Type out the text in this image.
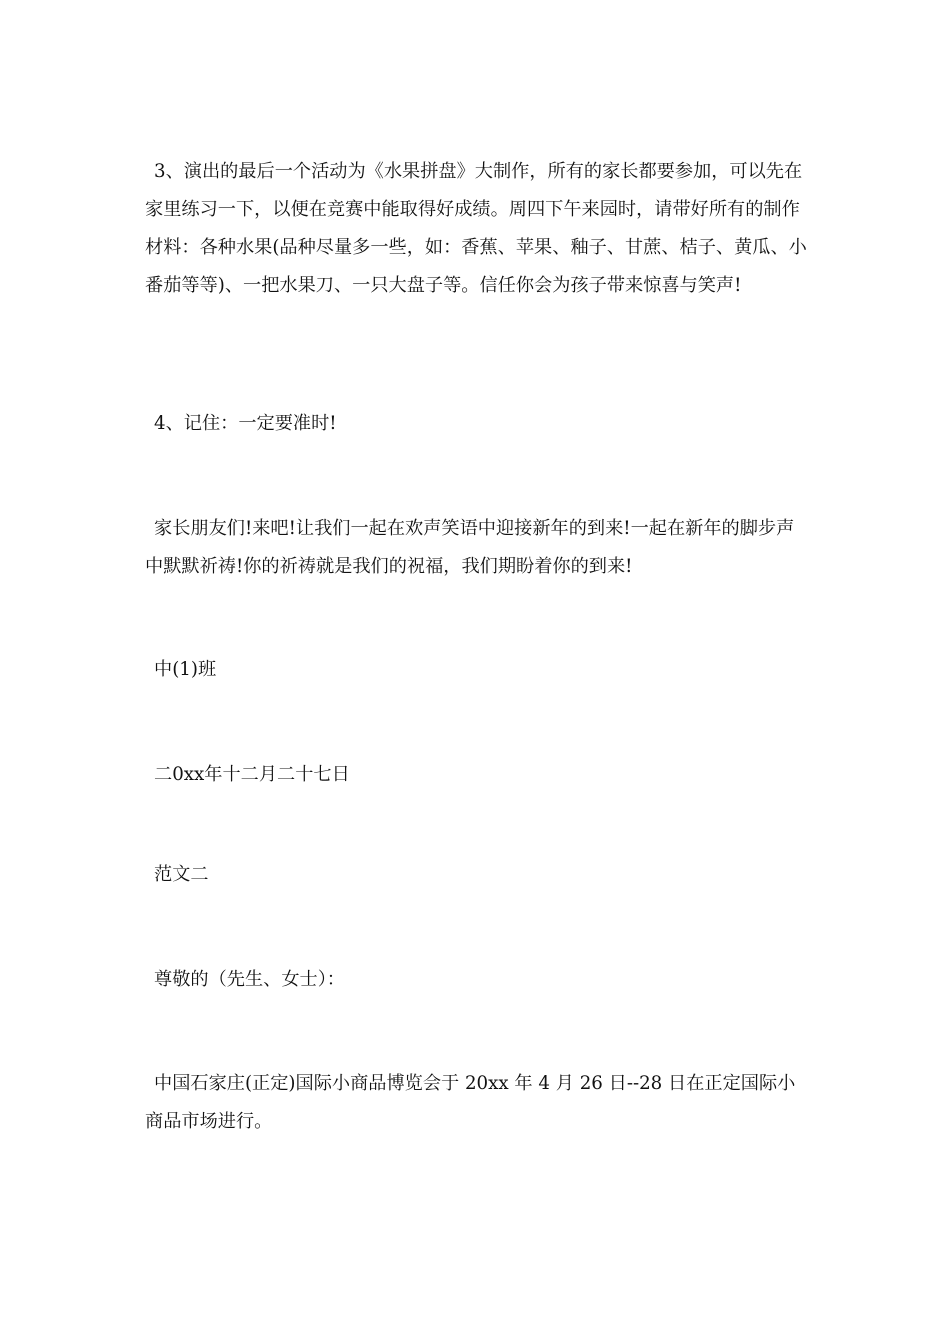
3、演出的最后一个活动为《水果拼盘》大制作，所有的家长都要参加，可以先在家里练习一下，以便在竞赛中能取得好成绩。周四下午来园时，请带好所有的制作材料：各种水果(品种尽量多一些，如：香蕉、苹果、釉子、甘蔗、桔子、黄瓜、小番茄等等)、一把水果刀、一只大盘子等。信任你会为孩子带来惊喜与笑声!

4、记住：一定要准时!

家长朋友们!来吧!让我们一起在欢声笑语中迎接新年的到来!一起在新年的脚步声中默默祈祷!你的祈祷就是我们的祝福，我们期盼着你的到来!

中(1)班

二0xx年十二月二十七日

范文二

尊敬的（先生、女士）：

中国石家庄(正定)国际小商品博览会于 20xx 年 4 月 26 日--28 日在正定国际小商品市场进行。
